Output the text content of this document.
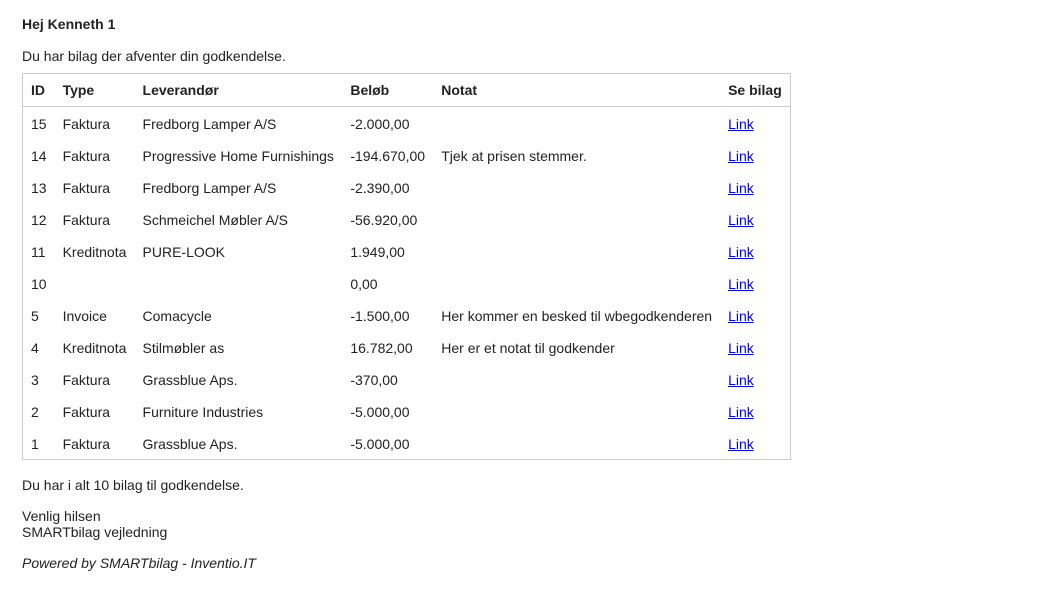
Hej Kenneth 1

Du har bilag der afventer din godkendelse.

ID	Type	Leverandør	Beløb	Notat	Se bilag
15	Faktura	Fredborg Lamper A/S	-2.000,00		Link
14	Faktura	Progressive Home Furnishings	-194.670,00	Tjek at prisen stemmer.	Link
13	Faktura	Fredborg Lamper A/S	-2.390,00		Link
12	Faktura	Schmeichel Møbler A/S	-56.920,00		Link
11	Kreditnota	PURE-LOOK	1.949,00		Link
10			0,00		Link
5	Invoice	Comacycle	-1.500,00	Her kommer en besked til wbegodkenderen	Link
4	Kreditnota	Stilmøbler as	16.782,00	Her er et notat til godkender	Link
3	Faktura	Grassblue Aps.	-370,00		Link
2	Faktura	Furniture Industries	-5.000,00		Link
1	Faktura	Grassblue Aps.	-5.000,00		Link

Du har i alt 10 bilag til godkendelse.

Venlig hilsen
SMARTbilag vejledning

Powered by SMARTbilag - Inventio.IT
